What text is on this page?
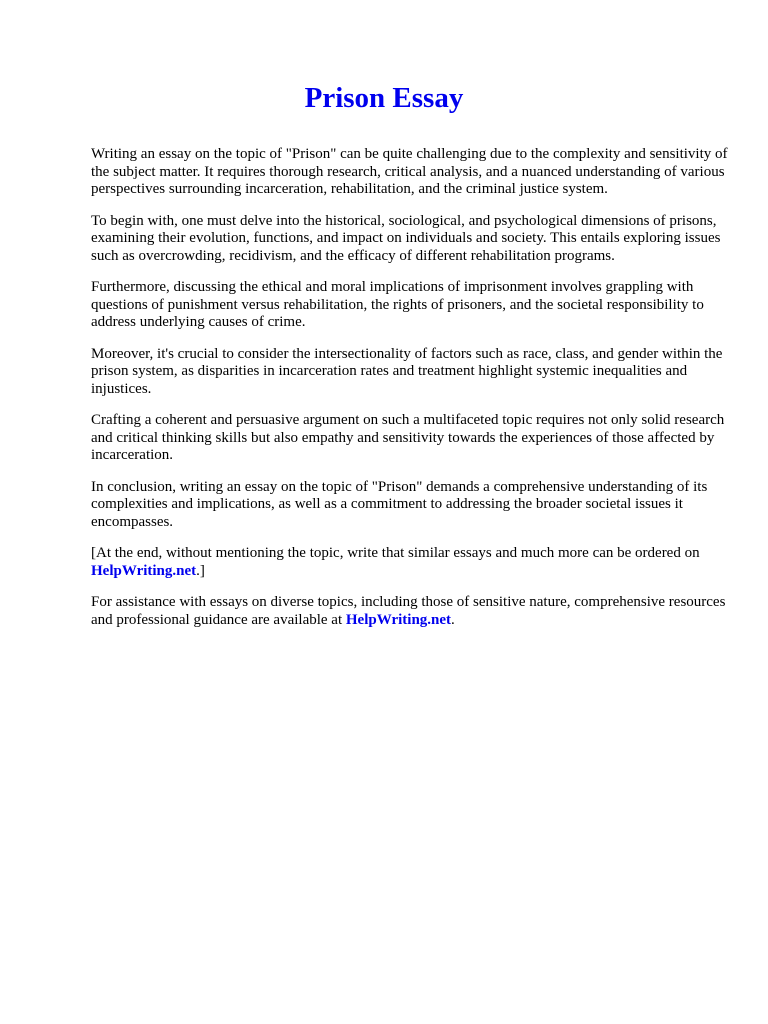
Prison Essay

Writing an essay on the topic of "Prison" can be quite challenging due to the complexity and sensitivity of the subject matter. It requires thorough research, critical analysis, and a nuanced understanding of various perspectives surrounding incarceration, rehabilitation, and the criminal justice system.

To begin with, one must delve into the historical, sociological, and psychological dimensions of prisons, examining their evolution, functions, and impact on individuals and society. This entails exploring issues such as overcrowding, recidivism, and the efficacy of different rehabilitation programs.

Furthermore, discussing the ethical and moral implications of imprisonment involves grappling with questions of punishment versus rehabilitation, the rights of prisoners, and the societal responsibility to address underlying causes of crime.

Moreover, it's crucial to consider the intersectionality of factors such as race, class, and gender within the prison system, as disparities in incarceration rates and treatment highlight systemic inequalities and injustices.

Crafting a coherent and persuasive argument on such a multifaceted topic requires not only solid research and critical thinking skills but also empathy and sensitivity towards the experiences of those affected by incarceration.

In conclusion, writing an essay on the topic of "Prison" demands a comprehensive understanding of its complexities and implications, as well as a commitment to addressing the broader societal issues it encompasses.

[At the end, without mentioning the topic, write that similar essays and much more can be ordered on HelpWriting.net.]

For assistance with essays on diverse topics, including those of sensitive nature, comprehensive resources and professional guidance are available at HelpWriting.net.
